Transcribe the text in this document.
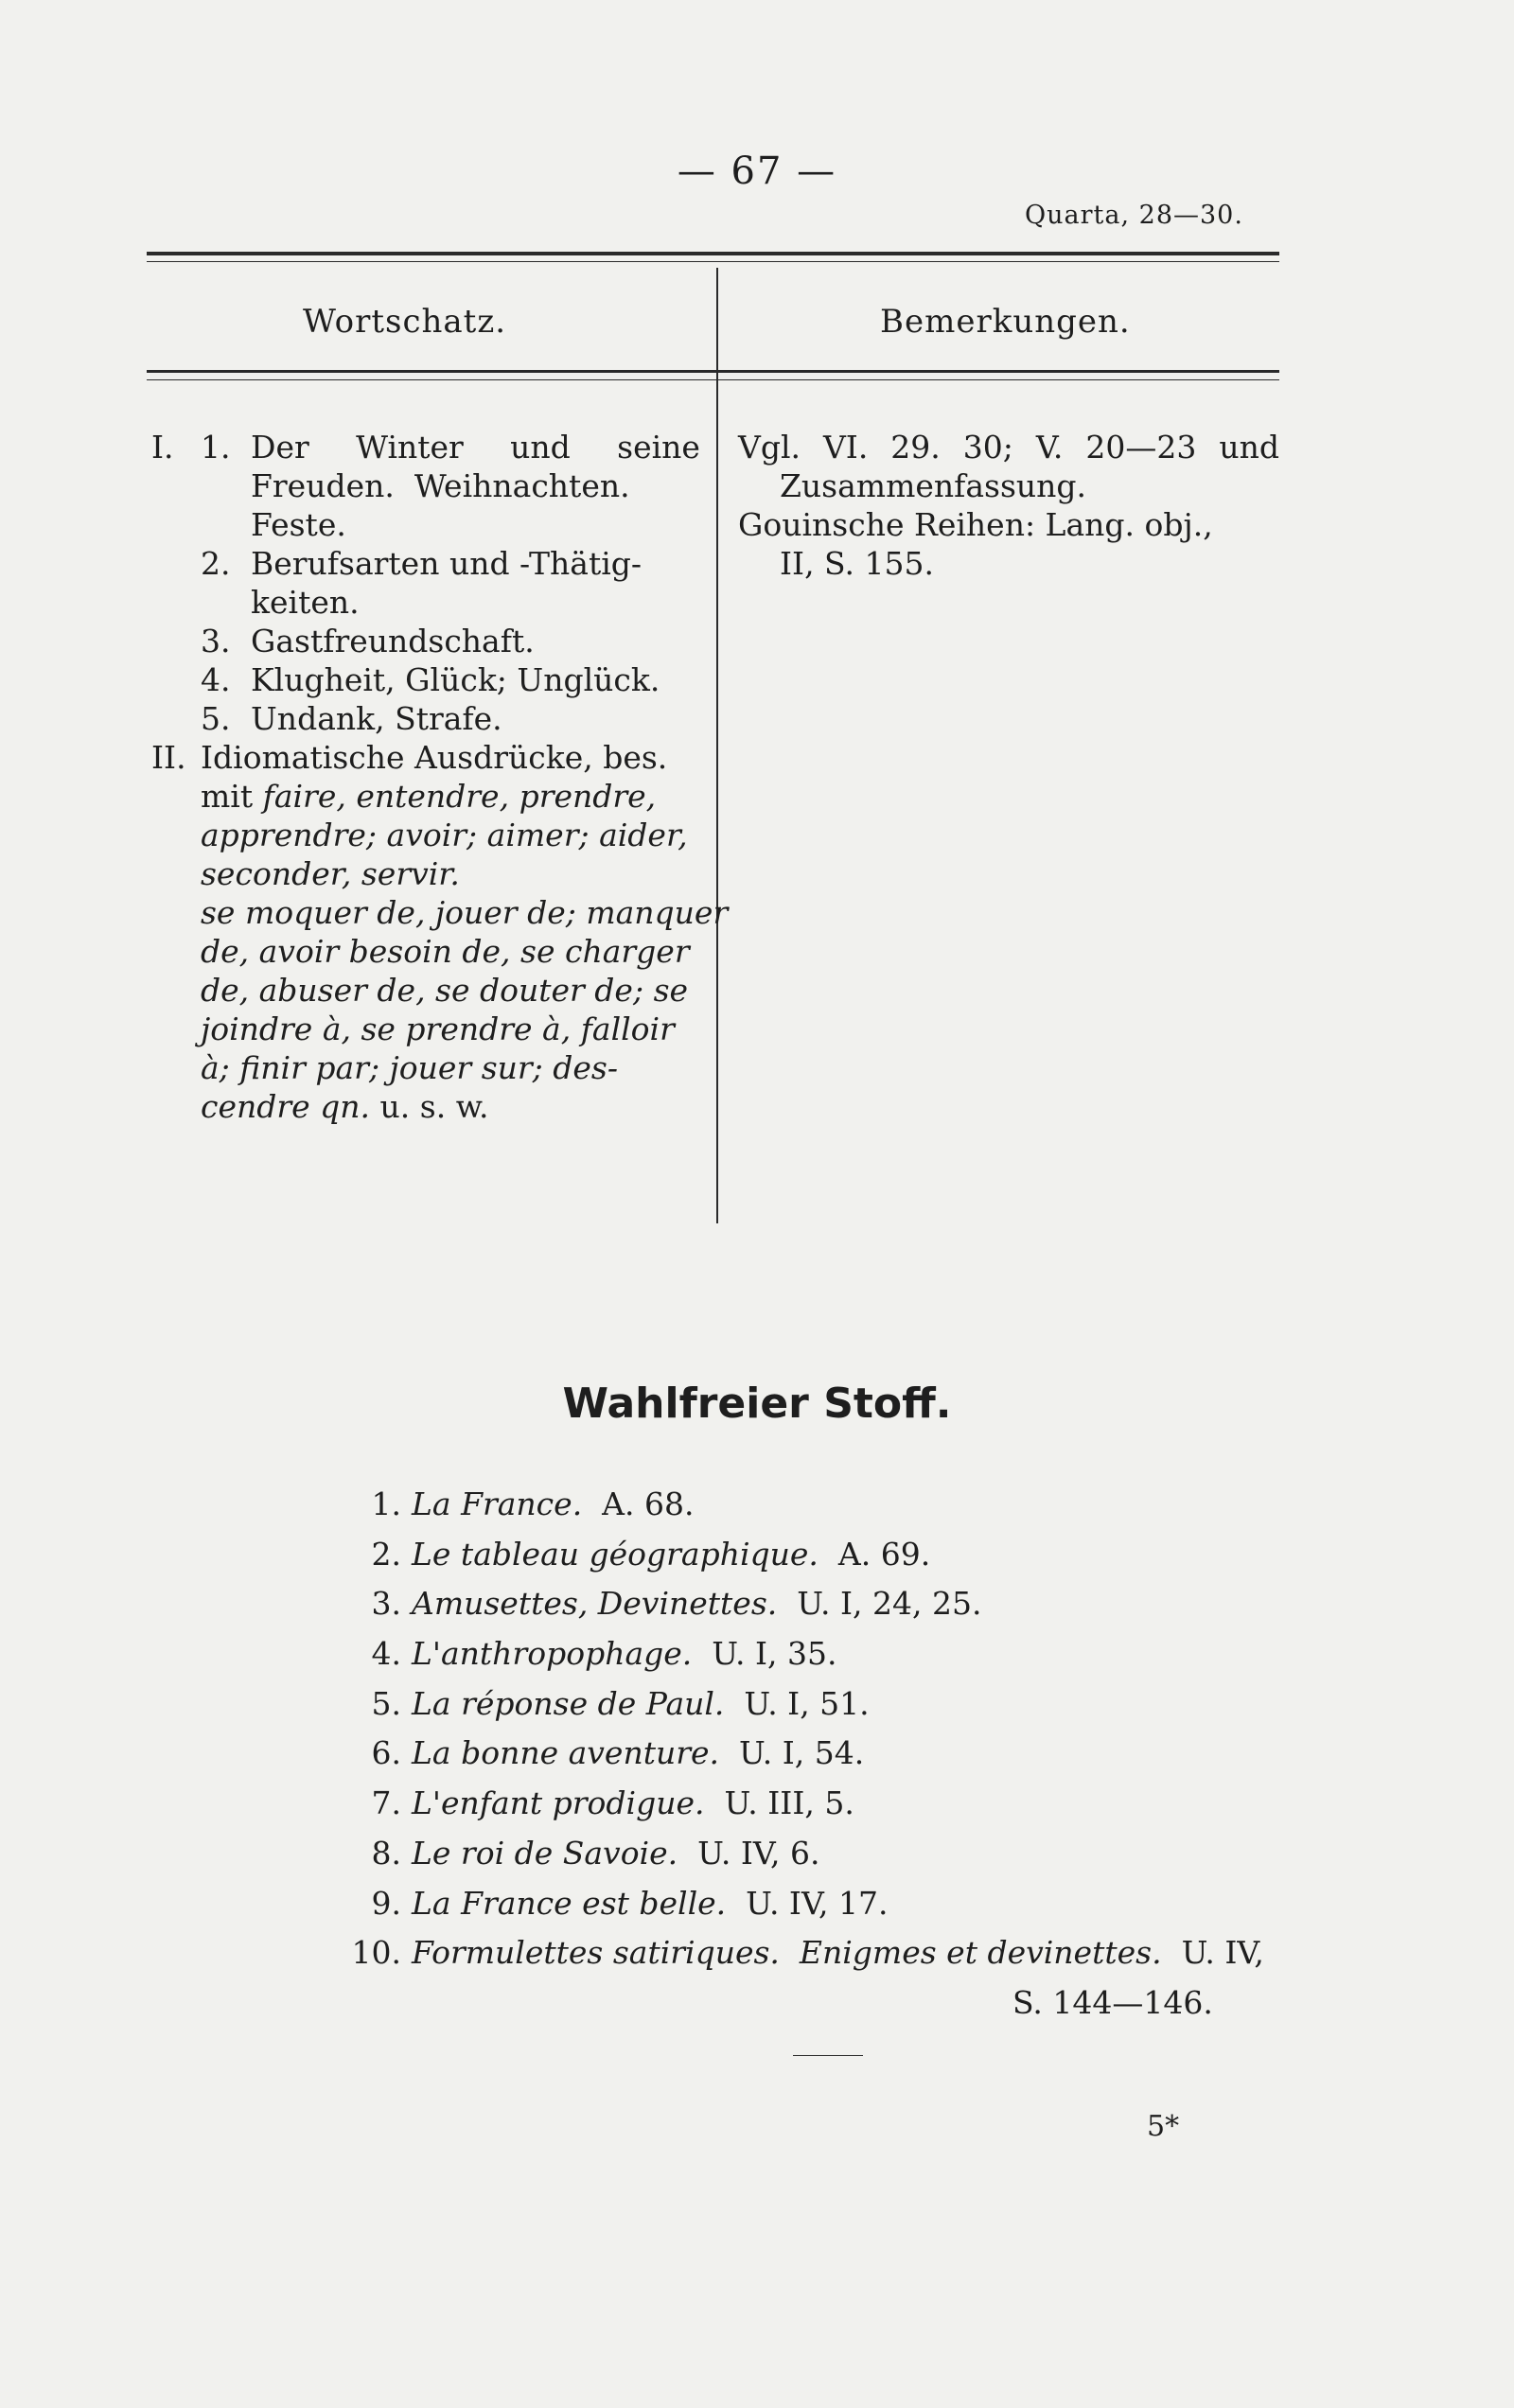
— 67 —
Quarta, 28—30.
Wortschatz.	Bemerkungen.
I. 1. Der Winter und seine
Freuden.  Weihnachten.
Feste.
2. Berufsarten und -Thätig-
keiten.
3. Gastfreundschaft.
4. Klugheit, Glück; Unglück.
5. Undank, Strafe.
II. Idiomatische Ausdrücke, bes.
mit faire, entendre, prendre,
apprendre; avoir; aimer; aider,
seconder, servir.
se moquer de, jouer de; manquer
de, avoir besoin de, se charger
de, abuser de, se douter de; se
joindre à, se prendre à, falloir
à; finir par; jouer sur; des-
cendre qn. u. s. w.
Vgl. VI. 29. 30; V. 20—23 und
Zusammenfassung.
Gouinsche Reihen: Lang. obj.,
II, S. 155.
Wahlfreier Stoff.
1. La France. A. 68.
2. Le tableau géographique. A. 69.
3. Amusettes, Devinettes. U. I, 24, 25.
4. L'anthropophage. U. I, 35.
5. La réponse de Paul. U. I, 51.
6. La bonne aventure. U. I, 54.
7. L'enfant prodigue. U. III, 5.
8. Le roi de Savoie. U. IV, 6.
9. La France est belle. U. IV, 17.
10. Formulettes satiriques.  Enigmes et devinettes. U. IV,
S. 144—146.
5*
